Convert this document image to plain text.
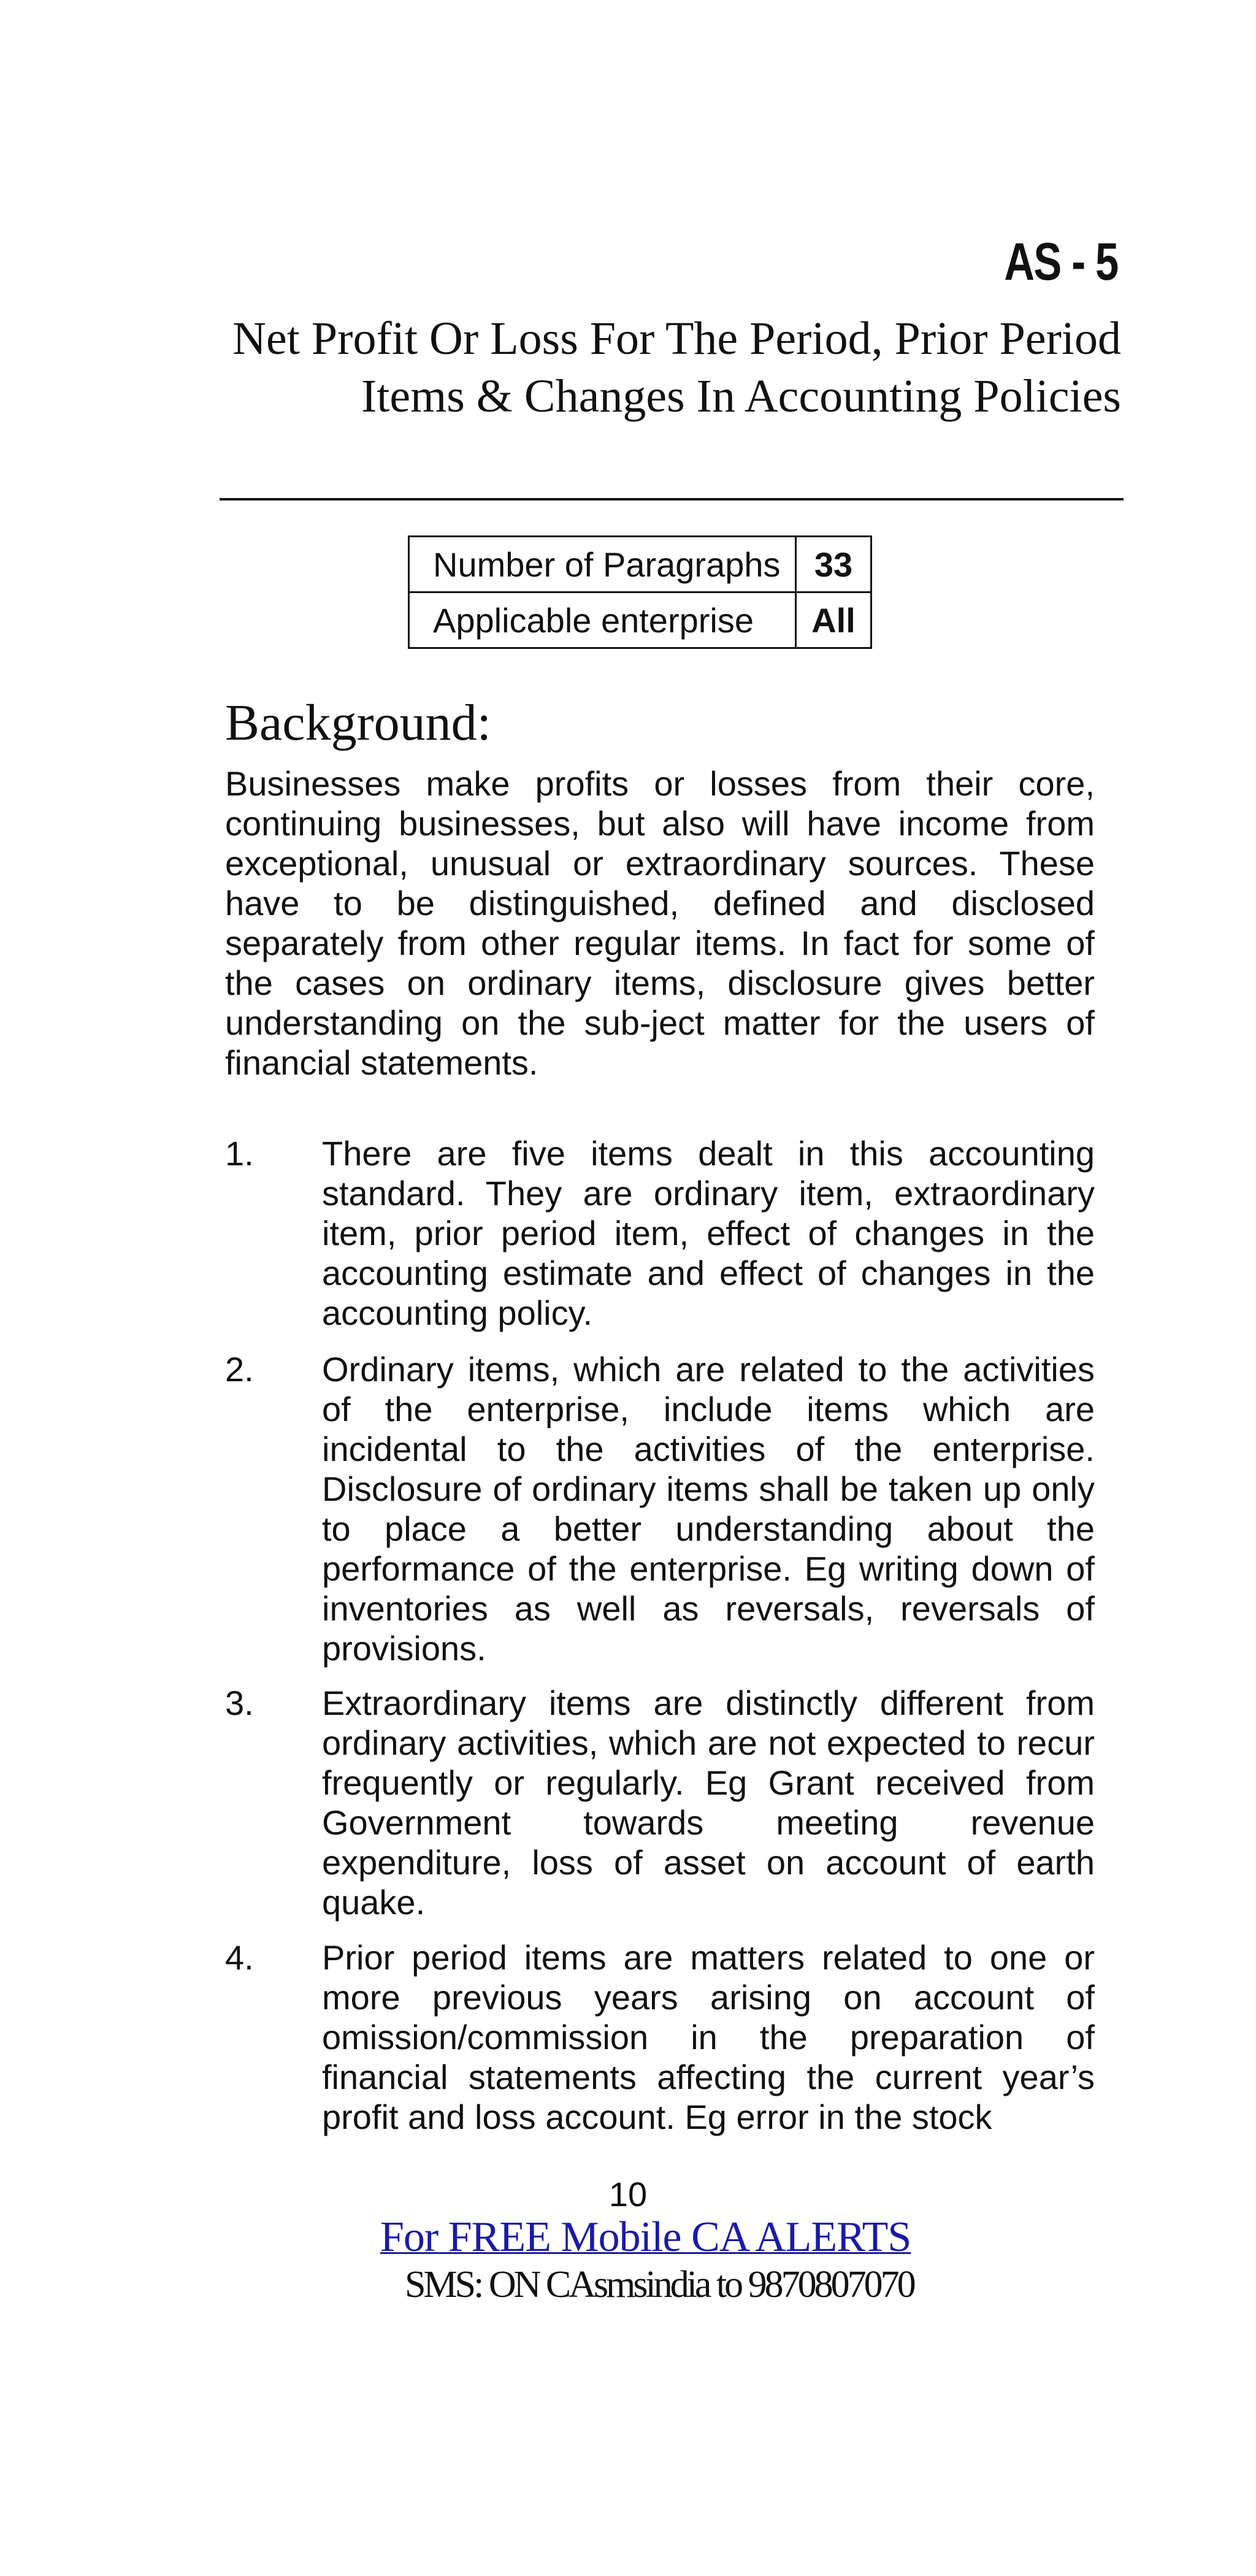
AS - 5
Net Profit Or Loss For The Period, Prior Period Items & Changes In Accounting Policies
Number of Paragraphs	33
Applicable enterprise	All
Background:
Businesses make profits or losses from their core, continuing businesses, but also will have income from exceptional, unusual or extraordinary sources. These have to be distinguished, defined and disclosed separately from other regular items. In fact for some of the cases on ordinary items, disclosure gives better understanding on the sub-ject matter for the users of financial statements.
1.	There are five items dealt in this accounting standard. They are ordinary item, extraordinary item, prior period item, effect of changes in the accounting estimate and effect of changes in the accounting policy.
2.	Ordinary items, which are related to the activities of the enterprise, include items which are incidental to the activities of the enterprise. Disclosure of ordinary items shall be taken up only to place a better understanding about the performance of the enterprise. Eg writing down of inventories as well as reversals, reversals of provisions.
3.	Extraordinary items are distinctly different from ordinary activities, which are not expected to recur frequently or regularly. Eg Grant received from Government towards meeting revenue expenditure, loss of asset on account of earth quake.
4.	Prior period items are matters related to one or more previous years arising on account of omission/commission in the preparation of financial statements affecting the current year’s profit and loss account. Eg error in the stock
10
For FREE Mobile CA ALERTS
SMS: ON CAsmsindia to 9870807070
